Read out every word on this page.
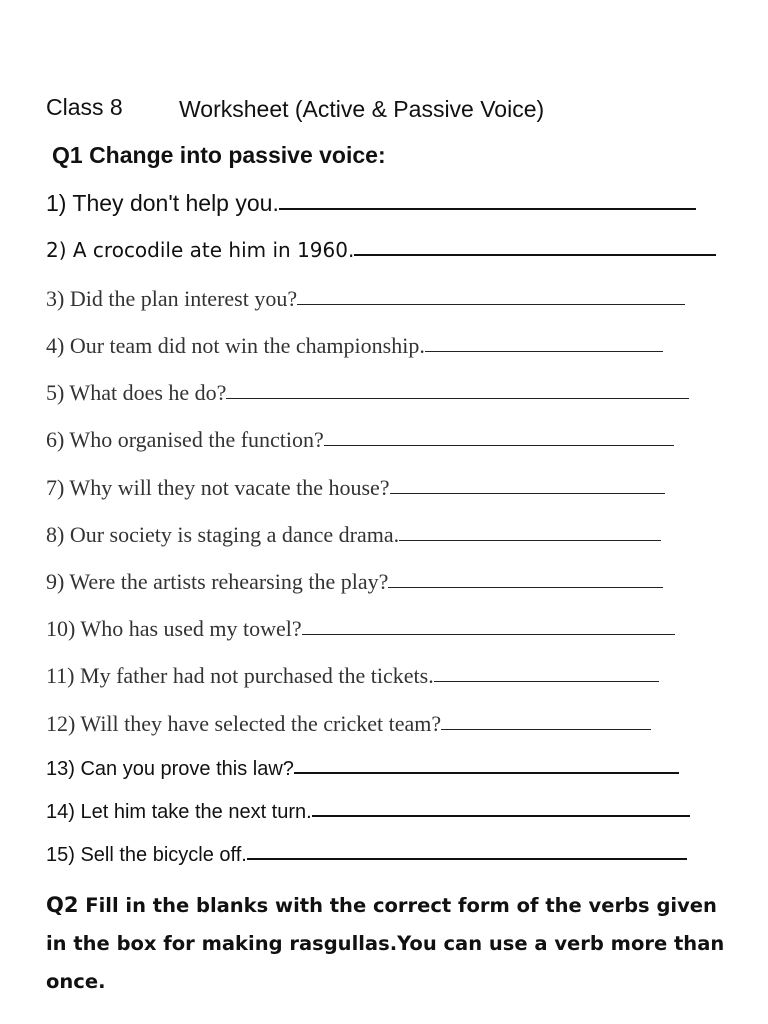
Class 8 Worksheet (Active & Passive Voice)
Q1 Change into passive voice:
1) They don't help you.
2) A crocodile ate him in 1960.
3) Did the plan interest you?
4) Our team did not win the championship.
5) What does he do?
6) Who organised the function?
7) Why will they not vacate the house?
8) Our society is staging a dance drama.
9) Were the artists rehearsing the play?
10) Who has used my towel?
11) My father had not purchased the tickets.
12) Will they have selected the cricket team?
13) Can you prove this law?
14) Let him take the next turn.
15) Sell the bicycle off.
Q2 Fill in the blanks with the correct form of the verbs given in the box for making rasgullas.You can use a verb more than once.
